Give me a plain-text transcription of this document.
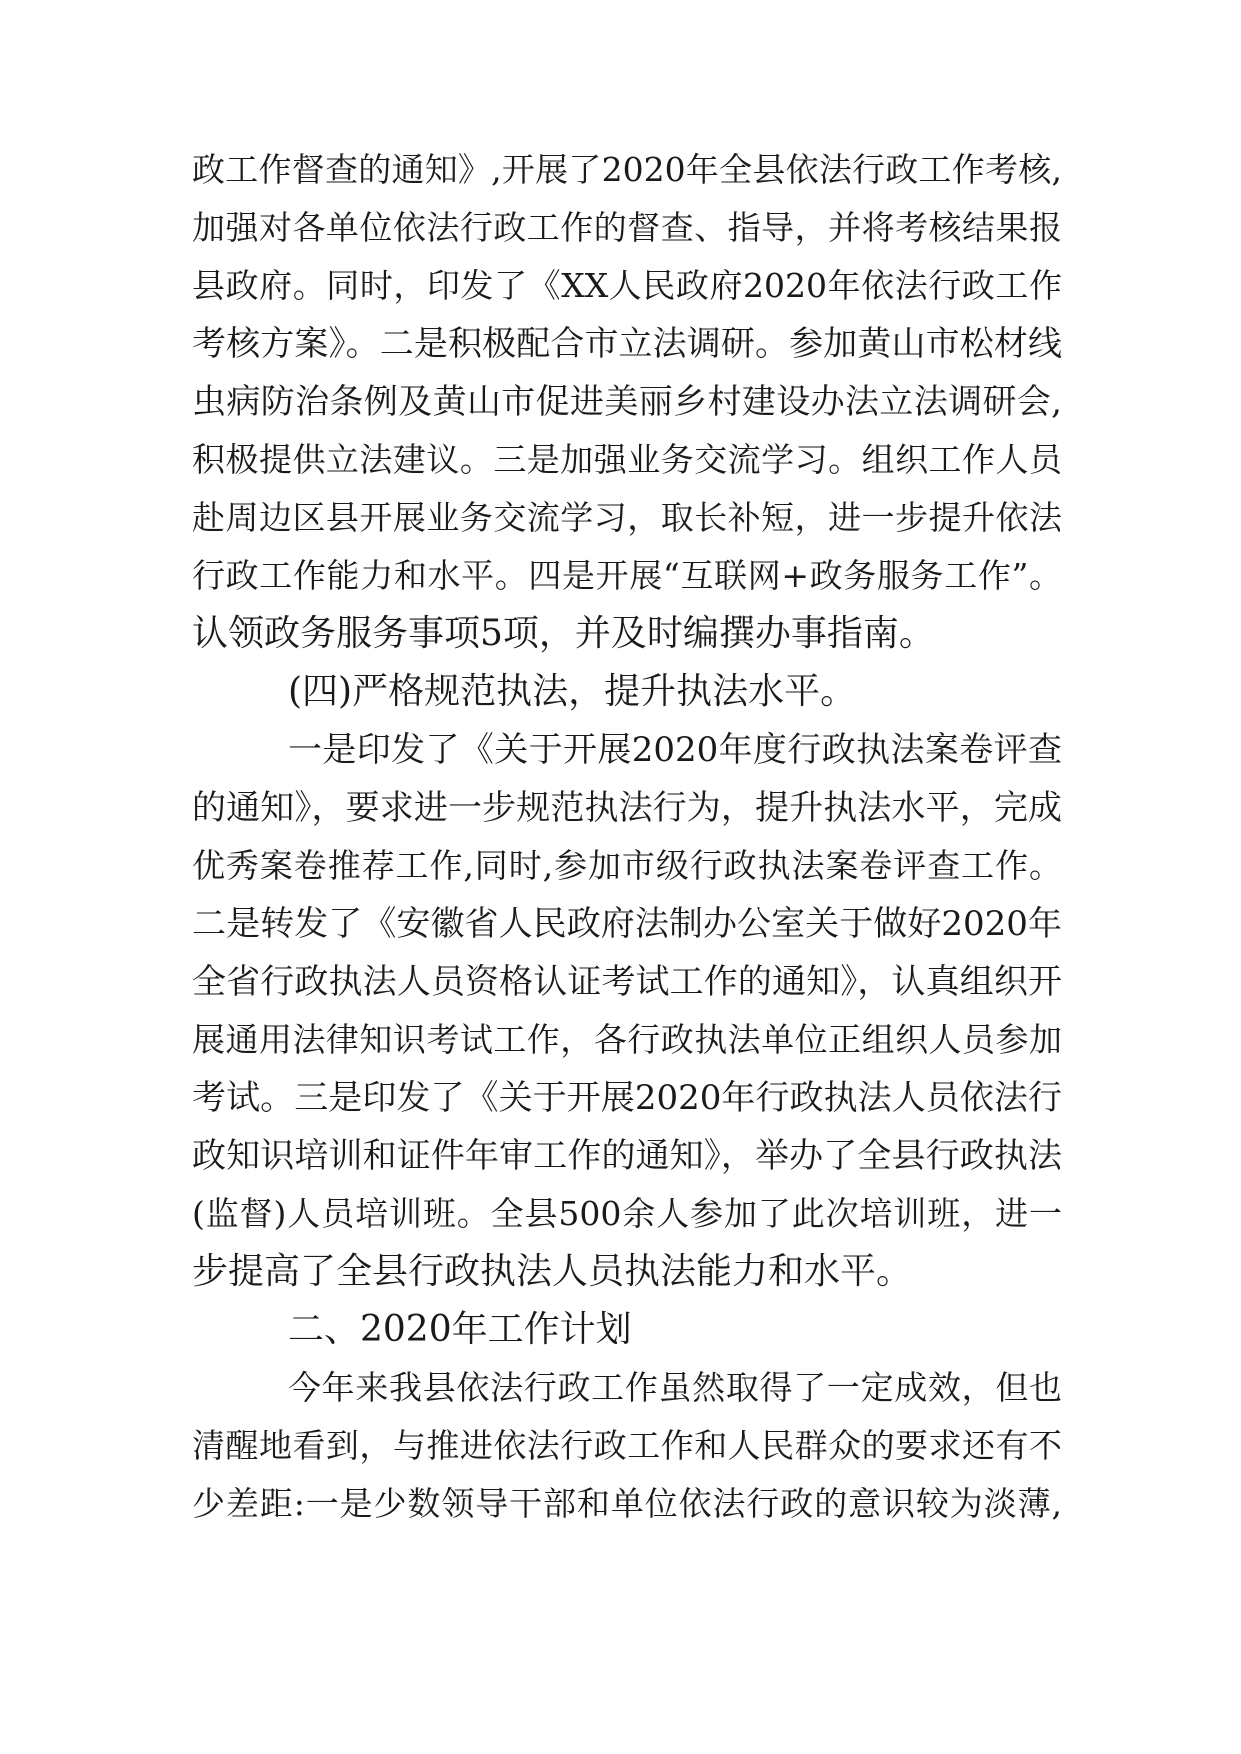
政工作督查的通知》,开展了2020年全县依法行政工作考核,
加强对各单位依法行政工作的督查、指导，并将考核结果报
县政府。同时，印发了《XX人民政府2020年依法行政工作
考核方案》。二是积极配合市立法调研。参加黄山市松材线
虫病防治条例及黄山市促进美丽乡村建设办法立法调研会,
积极提供立法建议。三是加强业务交流学习。组织工作人员
赴周边区县开展业务交流学习，取长补短，进一步提升依法
行政工作能力和水平。四是开展“互联网+政务服务工作”。
认领政务服务事项5项，并及时编撰办事指南。
(四)严格规范执法，提升执法水平。
一是印发了《关于开展2020年度行政执法案卷评查
的通知》，要求进一步规范执法行为，提升执法水平，完成
优秀案卷推荐工作,同时,参加市级行政执法案卷评查工作。
二是转发了《安徽省人民政府法制办公室关于做好2020年
全省行政执法人员资格认证考试工作的通知》，认真组织开
展通用法律知识考试工作，各行政执法单位正组织人员参加
考试。三是印发了《关于开展2020年行政执法人员依法行
政知识培训和证件年审工作的通知》，举办了全县行政执法
(监督)人员培训班。全县500余人参加了此次培训班，进一
步提高了全县行政执法人员执法能力和水平。
二、2020年工作计划
今年来我县依法行政工作虽然取得了一定成效，但也
清醒地看到，与推进依法行政工作和人民群众的要求还有不
少差距:一是少数领导干部和单位依法行政的意识较为淡薄,
